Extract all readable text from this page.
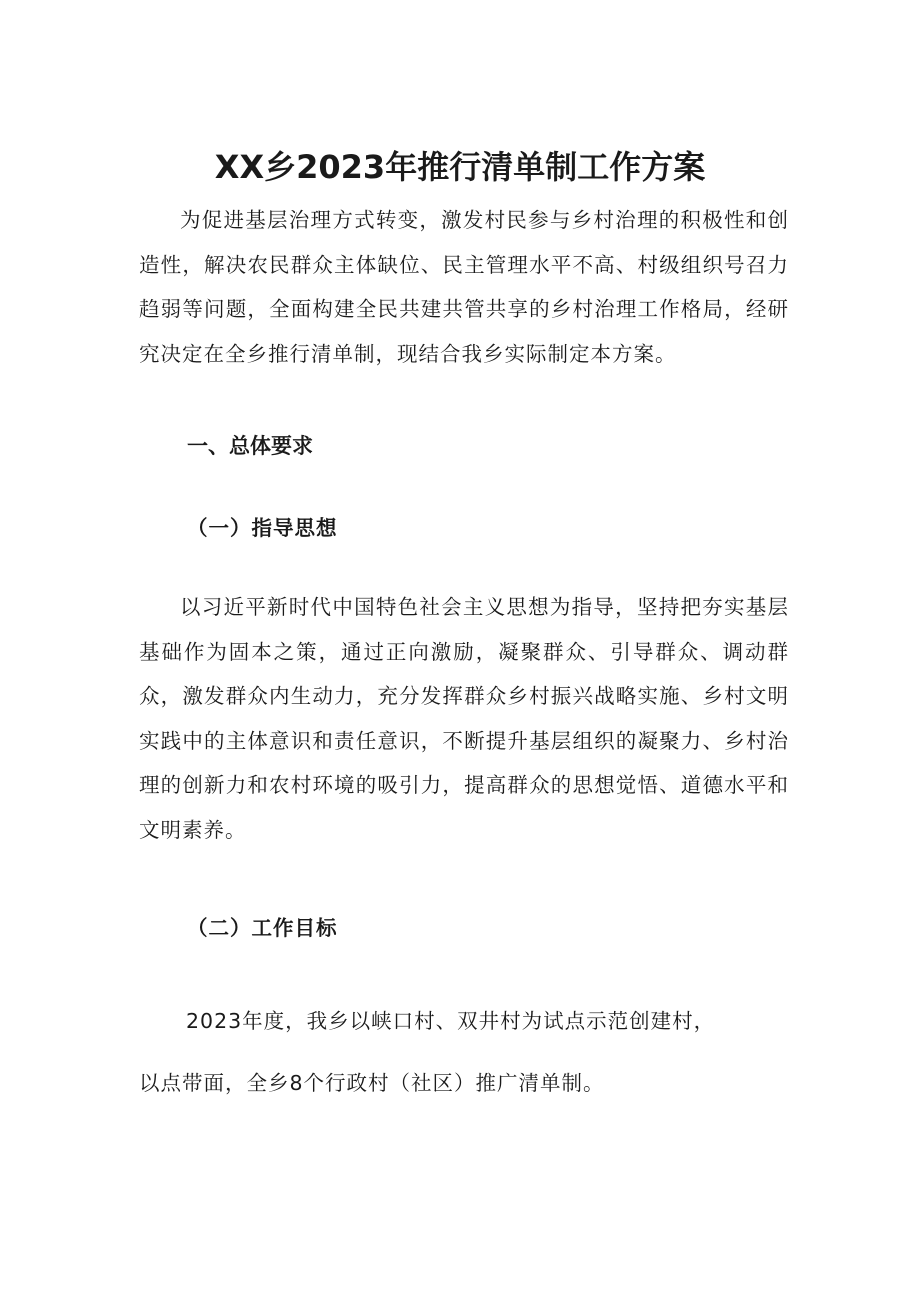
XX乡2023年推行清单制工作方案

为促进基层治理方式转变，激发村民参与乡村治理的积极性和创造性，解决农民群众主体缺位、民主管理水平不高、村级组织号召力趋弱等问题，全面构建全民共建共管共享的乡村治理工作格局，经研究决定在全乡推行清单制，现结合我乡实际制定本方案。

一、总体要求
（一）指导思想

以习近平新时代中国特色社会主义思想为指导，坚持把夯实基层基础作为固本之策，通过正向激励，凝聚群众、引导群众、调动群众，激发群众内生动力，充分发挥群众乡村振兴战略实施、乡村文明实践中的主体意识和责任意识，不断提升基层组织的凝聚力、乡村治理的创新力和农村环境的吸引力，提高群众的思想觉悟、道德水平和文明素养。

（二）工作目标

2023年度，我乡以峡口村、双井村为试点示范创建村，

以点带面，全乡8个行政村（社区）推广清单制。
